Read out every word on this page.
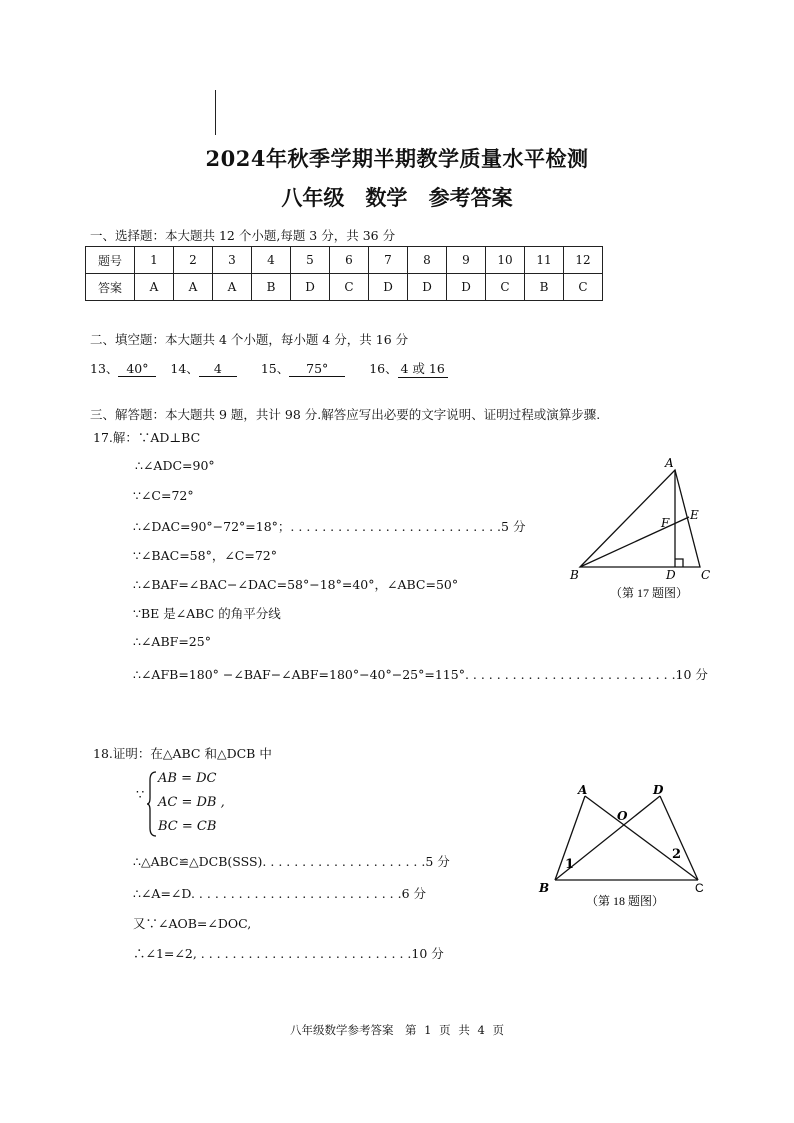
2024年秋季学期半期教学质量水平检测
八年级　数学 参考答案
一、选择题：本大题共 12 个小题,每题 3 分，共 36 分
题号	1	2	3	4	5	6	7	8	9	10	11	12
答案	A	A	A	B	D	C	D	D	D	C	B	C
二、填空题：本大题共 4 个小题，每小题 4 分，共 16 分
13、 40° 14、 4	15、 75°	16、 4 或 16
三、解答题：本大题共 9 题，共计 98 分.解答应写出必要的文字说明、证明过程或演算步骤.
17.解：∵AD⊥BC
∴∠ADC=90°
∵∠C=72°
∴∠DAC=90°−72°=18°；. . . . . . . . . . . . . . . . . . . . . . . . . . .5 分
∵∠BAC=58°，∠C=72°
∴∠BAF=∠BAC−∠DAC=58°−18°=40°，∠ABC=50°
∵BE 是∠ABC 的角平分线
∴∠ABF=25°
∴∠AFB=180° −∠BAF−∠ABF=180°−40°−25°=115°. . . . . . . . . . . . . . . . . . . . . . . . . . .10 分
A
B	C
D
E
F
（第 17 题图）
18.证明：在△ABC 和△DCB 中
∵
AB = DC
AC = DB ,
BC = CB
∴△ABC≌△DCB(SSS). . . . . . . . . . . . . . . . . . . . .5 分
∴∠A=∠D. . . . . . . . . . . . . . . . . . . . . . . . . . .6 分
又∵∠AOB=∠DOC,
∴∠1=∠2, . . . . . . . . . . . . . . . . . . . . . . . . . . .10 分
A	D
O
B	C
1
2
（第 18 题图）
八年级数学参考答案　第 1 页 共 4 页
